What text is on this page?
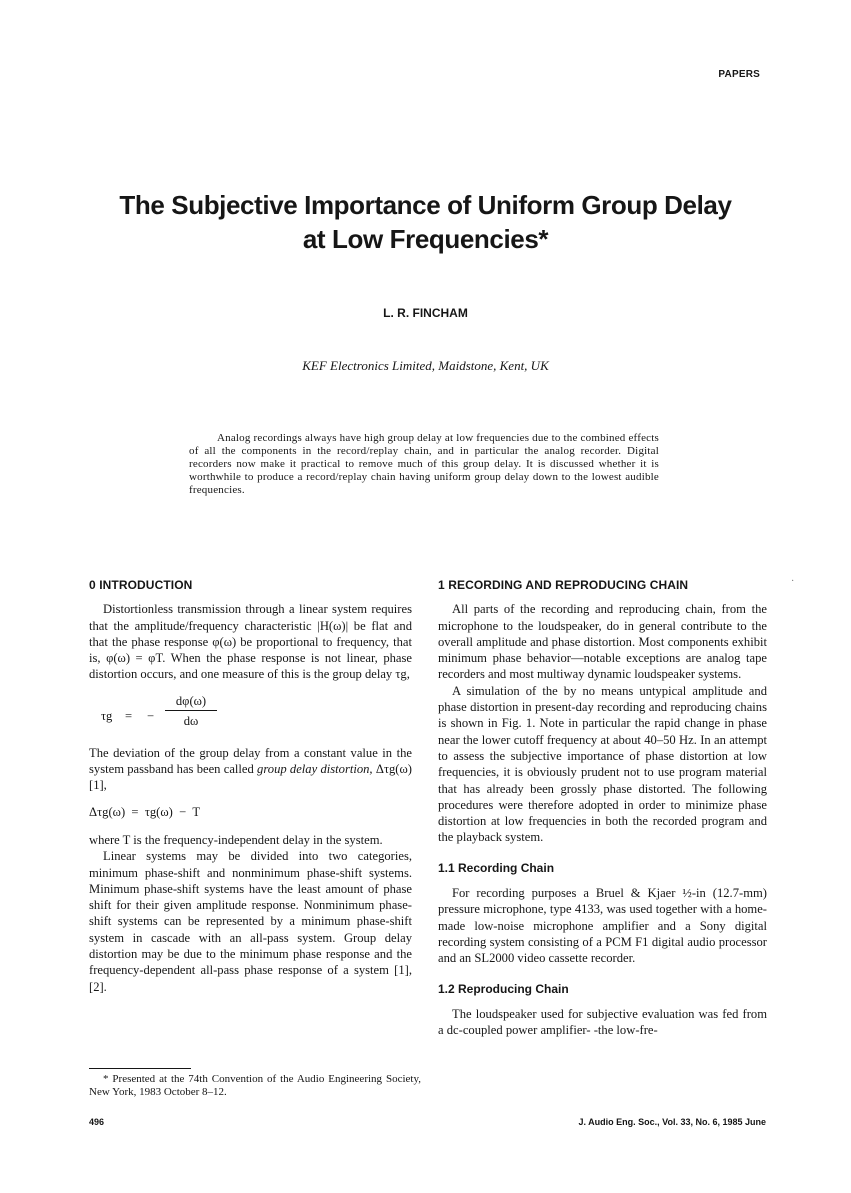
PAPERS
The Subjective Importance of Uniform Group Delay
at Low Frequencies*
L. R. FINCHAM
KEF Electronics Limited, Maidstone, Kent, UK

Analog recordings always have high group delay at low frequencies due to the combined effects of all the components in the record/replay chain, and in particular the analog recorder. Digital recorders now make it practical to remove much of this group delay. It is discussed whether it is worthwhile to produce a record/replay chain having uniform group delay down to the lowest audible frequencies.

0 INTRODUCTION

Distortionless transmission through a linear system requires that the amplitude/frequency characteristic |H(ω)| be flat and that the phase response φ(ω) be proportional to frequency, that is, φ(ω) = φT. When the phase response is not linear, phase distortion occurs, and one measure of this is the group delay τg,

τg = − $\frac{d\varphi(\omega)}{d\omega}$

The deviation of the group delay from a constant value in the system passband has been called group delay distortion, Δτg(ω) [1],

Δτg(ω)  =  τg(ω)  −  T

where T is the frequency-independent delay in the system.

Linear systems may be divided into two categories, minimum phase-shift and nonminimum phase-shift systems. Minimum phase-shift systems have the least amount of phase shift for their given amplitude response. Nonminimum phase-shift systems can be represented by a minimum phase-shift system in cascade with an all-pass system. Group delay distortion may be due to the minimum phase response and the frequency-dependent all-pass phase response of a system [1], [2].

1 RECORDING AND REPRODUCING CHAIN

All parts of the recording and reproducing chain, from the microphone to the loudspeaker, do in general contribute to the overall amplitude and phase distortion. Most components exhibit minimum phase behavior—notable exceptions are analog tape recorders and most multiway dynamic loudspeaker systems.

A simulation of the by no means untypical amplitude and phase distortion in present-day recording and reproducing chains is shown in Fig. 1. Note in particular the rapid change in phase near the lower cutoff frequency at about 40–50 Hz. In an attempt to assess the subjective importance of phase distortion at low frequencies, it is obviously prudent not to use program material that has already been grossly phase distorted. The following procedures were therefore adopted in order to minimize phase distortion at low frequencies in both the recorded program and the playback system.

1.1 Recording Chain

For recording purposes a Bruel & Kjaer ½-in (12.7-mm) pressure microphone, type 4133, was used together with a home-made low-noise microphone amplifier and a Sony digital recording system consisting of a PCM F1 digital audio processor and an SL2000 video cassette recorder.

1.2 Reproducing Chain

The loudspeaker used for subjective evaluation was fed from a dc-coupled power amplifier- -the low-fre-

* Presented at the 74th Convention of the Audio Engineering Society, New York, 1983 October 8–12.

496	J. Audio Eng. Soc., Vol. 33, No. 6, 1985 June
·
